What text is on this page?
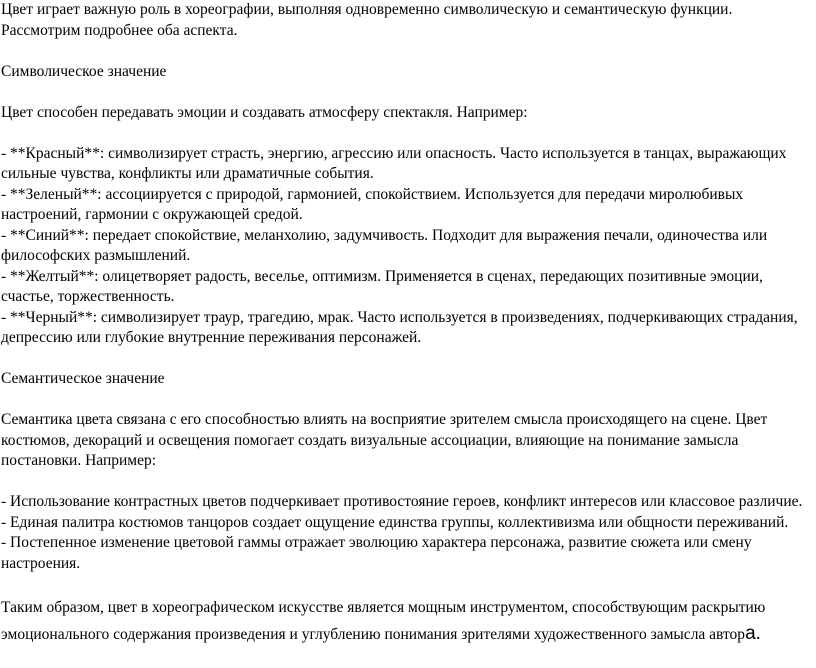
Цвет играет важную роль в хореографии, выполняя одновременно символическую и семантическую функции. Рассмотрим подробнее оба аспекта.

Символическое значение

Цвет способен передавать эмоции и создавать атмосферу спектакля. Например:

- **Красный**: символизирует страсть, энергию, агрессию или опасность. Часто используется в танцах, выражающих сильные чувства, конфликты или драматичные события.

- **Зеленый**: ассоциируется с природой, гармонией, спокойствием. Используется для передачи миролюбивых настроений, гармонии с окружающей средой.

- **Синий**: передает спокойствие, меланхолию, задумчивость. Подходит для выражения печали, одиночества или философских размышлений.

- **Желтый**: олицетворяет радость, веселье, оптимизм. Применяется в сценах, передающих позитивные эмоции, счастье, торжественность.

- **Черный**: символизирует траур, трагедию, мрак. Часто используется в произведениях, подчеркивающих страдания, депрессию или глубокие внутренние переживания персонажей.

Семантическое значение

Семантика цвета связана с его способностью влиять на восприятие зрителем смысла происходящего на сцене. Цвет костюмов, декораций и освещения помогает создать визуальные ассоциации, влияющие на понимание замысла постановки. Например:

- Использование контрастных цветов подчеркивает противостояние героев, конфликт интересов или классовое различие.

- Единая палитра костюмов танцоров создает ощущение единства группы, коллективизма или общности переживаний.

- Постепенное изменение цветовой гаммы отражает эволюцию характера персонажа, развитие сюжета или смену настроения.

Таким образом, цвет в хореографическом искусстве является мощным инструментом, способствующим раскрытию эмоционального содержания произведения и углублению понимания зрителями художественного замысла автора.
